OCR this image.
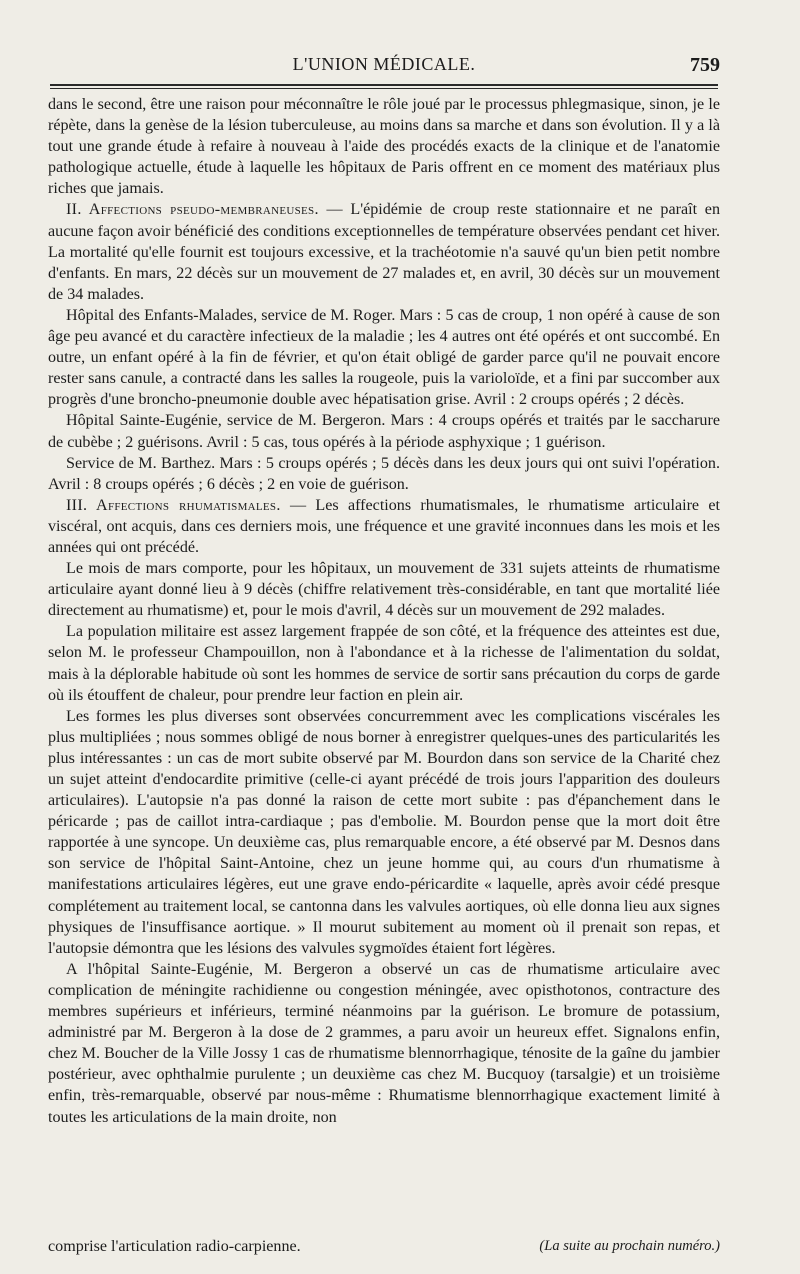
L'UNION MÉDICALE.	759

dans le second, être une raison pour méconnaître le rôle joué par le processus phlegmasique, sinon, je le répète, dans la genèse de la lésion tuberculeuse, au moins dans sa marche et dans son évolution. Il y a là tout une grande étude à refaire à nouveau à l'aide des procédés exacts de la clinique et de l'anatomie pathologique actuelle, étude à laquelle les hôpitaux de Paris offrent en ce moment des matériaux plus riches que jamais.

II. Affections pseudo-membraneuses. — L'épidémie de croup reste stationnaire et ne paraît en aucune façon avoir bénéficié des conditions exceptionnelles de température observées pendant cet hiver. La mortalité qu'elle fournit est toujours excessive, et la trachéotomie n'a sauvé qu'un bien petit nombre d'enfants. En mars, 22 décès sur un mouvement de 27 malades et, en avril, 30 décès sur un mouvement de 34 malades.

Hôpital des Enfants-Malades, service de M. Roger. Mars : 5 cas de croup, 1 non opéré à cause de son âge peu avancé et du caractère infectieux de la maladie ; les 4 autres ont été opérés et ont succombé. En outre, un enfant opéré à la fin de février, et qu'on était obligé de garder parce qu'il ne pouvait encore rester sans canule, a contracté dans les salles la rougeole, puis la varioloïde, et a fini par succomber aux progrès d'une broncho-pneumonie double avec hépatisation grise. Avril : 2 croups opérés ; 2 décès.

Hôpital Sainte-Eugénie, service de M. Bergeron. Mars : 4 croups opérés et traités par le saccharure de cubèbe ; 2 guérisons. Avril : 5 cas, tous opérés à la période asphyxique ; 1 guérison.

Service de M. Barthez. Mars : 5 croups opérés ; 5 décès dans les deux jours qui ont suivi l'opération. Avril : 8 croups opérés ; 6 décès ; 2 en voie de guérison.

III. Affections rhumatismales. — Les affections rhumatismales, le rhumatisme articulaire et viscéral, ont acquis, dans ces derniers mois, une fréquence et une gravité inconnues dans les mois et les années qui ont précédé.

Le mois de mars comporte, pour les hôpitaux, un mouvement de 331 sujets atteints de rhumatisme articulaire ayant donné lieu à 9 décès (chiffre relativement très-considérable, en tant que mortalité liée directement au rhumatisme) et, pour le mois d'avril, 4 décès sur un mouvement de 292 malades.

La population militaire est assez largement frappée de son côté, et la fréquence des atteintes est due, selon M. le professeur Champouillon, non à l'abondance et à la richesse de l'alimentation du soldat, mais à la déplorable habitude où sont les hommes de service de sortir sans précaution du corps de garde où ils étouffent de chaleur, pour prendre leur faction en plein air.

Les formes les plus diverses sont observées concurremment avec les complications viscérales les plus multipliées ; nous sommes obligé de nous borner à enregistrer quelques-unes des particularités les plus intéressantes : un cas de mort subite observé par M. Bourdon dans son service de la Charité chez un sujet atteint d'endocardite primitive (celle-ci ayant précédé de trois jours l'apparition des douleurs articulaires). L'autopsie n'a pas donné la raison de cette mort subite : pas d'épanchement dans le péricarde ; pas de caillot intra-cardiaque ; pas d'embolie. M. Bourdon pense que la mort doit être rapportée à une syncope. Un deuxième cas, plus remarquable encore, a été observé par M. Desnos dans son service de l'hôpital Saint-Antoine, chez un jeune homme qui, au cours d'un rhumatisme à manifestations articulaires légères, eut une grave endo-péricardite « laquelle, après avoir cédé presque complétement au traitement local, se cantonna dans les valvules aortiques, où elle donna lieu aux signes physiques de l'insuffisance aortique. » Il mourut subitement au moment où il prenait son repas, et l'autopsie démontra que les lésions des valvules sygmoïdes étaient fort légères.

A l'hôpital Sainte-Eugénie, M. Bergeron a observé un cas de rhumatisme articulaire avec complication de méningite rachidienne ou congestion méningée, avec opisthotonos, contracture des membres supérieurs et inférieurs, terminé néanmoins par la guérison. Le bromure de potassium, administré par M. Bergeron à la dose de 2 grammes, a paru avoir un heureux effet. Signalons enfin, chez M. Boucher de la Ville Jossy 1 cas de rhumatisme blennorrhagique, ténosite de la gaîne du jambier postérieur, avec ophthalmie purulente ; un deuxième cas chez M. Bucquoy (tarsalgie) et un troisième enfin, très-remarquable, observé par nous-même : Rhumatisme blennorrhagique exactement limité à toutes les articulations de la main droite, non

(La suite au prochain numéro.)
comprise l'articulation radio-carpienne.
